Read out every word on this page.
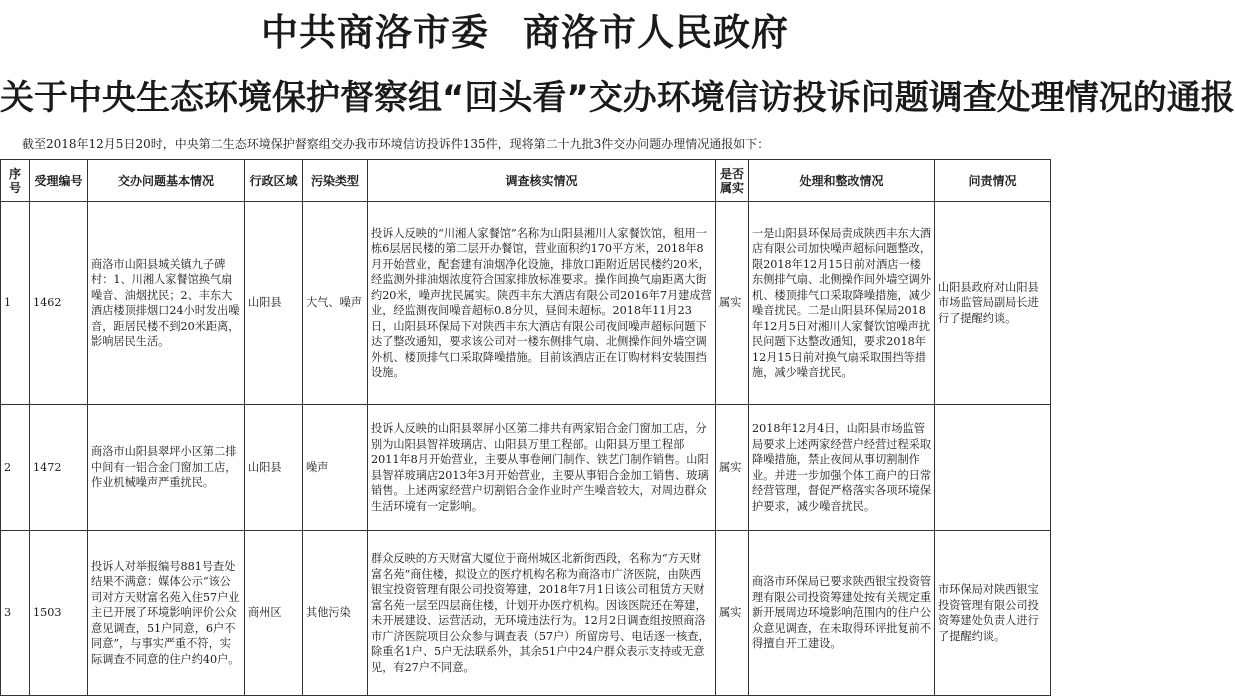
中共商洛市委 商洛市人民政府
关于中央生态环境保护督察组“回头看”交办环境信访投诉问题调查处理情况的通报
截至2018年12月5日20时，中央第二生态环境保护督察组交办我市环境信访投诉件135件，现将第二十九批3件交办问题办理情况通报如下：
序号	受理编号	交办问题基本情况	行政区域	污染类型	调查核实情况	是否属实	处理和整改情况	问责情况
1	1462	商洛市山阳县城关镇九子碑村：1、川湘人家餐馆换气扇噪音、油烟扰民；2、丰东大酒店楼顶排烟口24小时发出噪音，距居民楼不到20米距离，影响居民生活。	山阳县	大气、噪声	投诉人反映的“川湘人家餐馆”名称为山阳县湘川人家餐饮馆，租用一栋6层居民楼的第二层开办餐馆，营业面积约170平方米，2018年8月开始营业，配套建有油烟净化设施，排放口距附近居民楼约20米，经监测外排油烟浓度符合国家排放标准要求。操作间换气扇距离大街约20米，噪声扰民属实。陕西丰东大酒店有限公司2016年7月建成营业，经监测夜间噪音超标0.8分贝，昼间未超标。2018年11月23日，山阳县环保局下对陕西丰东大酒店有限公司夜间噪声超标问题下达了整改通知，要求该公司对一楼东侧排气扇、北侧操作间外墙空调外机、楼顶排气口采取降噪措施。目前该酒店正在订购材料安装围挡设施。	属实	一是山阳县环保局责成陕西丰东大酒店有限公司加快噪声超标问题整改，限2018年12月15日前对酒店一楼东侧排气扇、北侧操作间外墙空调外机、楼顶排气口采取降噪措施，减少噪音扰民。二是山阳县环保局2018年12月5日对湘川人家餐饮馆噪声扰民问题下达整改通知，要求2018年12月15日前对换气扇采取围挡等措施，减少噪音扰民。	山阳县政府对山阳县市场监管局副局长进行了提醒约谈。
2	1472	商洛市山阳县翠坪小区第二排中间有一铝合金门窗加工店，作业机械噪声严重扰民。	山阳县	噪声	投诉人反映的山阳县翠屏小区第二排共有两家铝合金门窗加工店，分别为山阳县智祥玻璃店、山阳县万里工程部。山阳县万里工程部2011年8月开始营业，主要从事卷闸门制作、铁艺门制作销售。山阳县智祥玻璃店2013年3月开始营业，主要从事铝合金加工销售、玻璃销售。上述两家经营户切割铝合金作业时产生噪音较大，对周边群众生活环境有一定影响。	属实	2018年12月4日，山阳县市场监管局要求上述两家经营户经营过程采取降噪措施，禁止夜间从事切割制作业。并进一步加强个体工商户的日常经营管理，督促严格落实各项环境保护要求，减少噪音扰民。	
3	1503	投诉人对举报编号881号查处结果不满意：媒体公示“该公司对方天财富名苑入住57户业主已开展了环境影响评价公众意见调查，51户同意，6户不同意”，与事实严重不符，实际调查不同意的住户约40户。	商州区	其他污染	群众反映的方天财富大厦位于商州城区北新街西段，名称为“方天财富名苑”商住楼，拟设立的医疗机构名称为商洛市广济医院，由陕西银宝投资管理有限公司投资筹建，2018年7月1日该公司租赁方天财富名苑一层至四层商住楼，计划开办医疗机构。因该医院还在筹建，未开展建设、运营活动，无环境违法行为。12月2日调查组按照商洛市广济医院项目公众参与调查表（57户）所留房号、电话逐一核查，除重名1户、5户无法联系外，其余51户中24户群众表示支持或无意见，有27户不同意。	属实	商洛市环保局已要求陕西银宝投资管理有限公司投资筹建处按有关规定重新开展周边环境影响范围内的住户公众意见调查，在未取得环评批复前不得擅自开工建设。	市环保局对陕西银宝投资管理有限公司投资筹建处负责人进行了提醒约谈。
